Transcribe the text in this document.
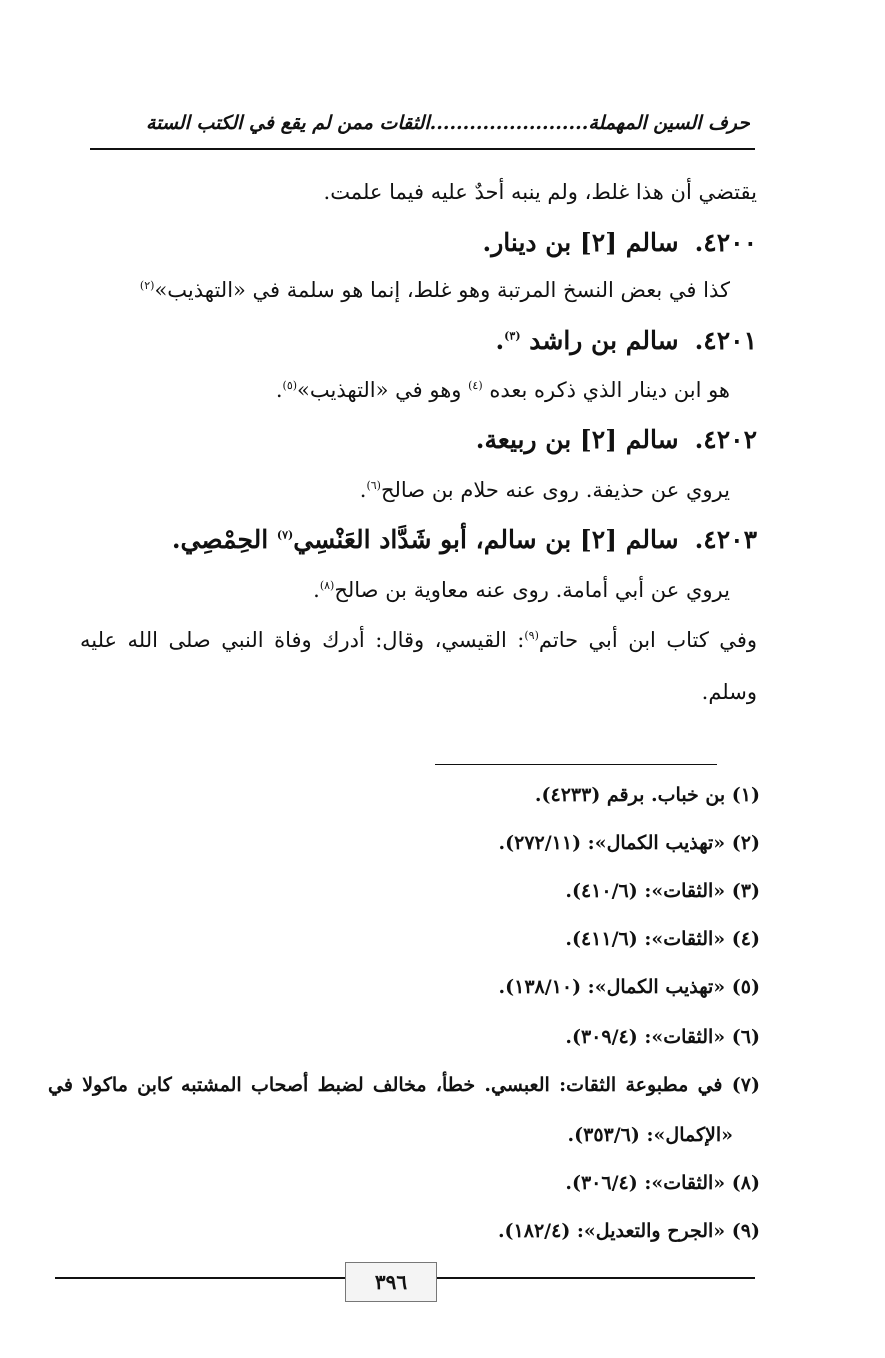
حرف السين المهملة........................الثقات ممن لم يقع في الكتب الستة
يقتضي أن هذا غلط، ولم ينبه أحدٌ عليه فيما علمت.
٤٢٠٠.سالم [٢] بن دينار.
كذا في بعض النسخ المرتبة وهو غلط، إنما هو سلمة في «التهذيب»$^{(٢)}$
٤٢٠١.سالم بن راشد $^{(٣)}$.
هو ابن دينار الذي ذكره بعده $^{(٤)}$ وهو في «التهذيب»$^{(٥)}$.
٤٢٠٢.سالم [٢] بن ربيعة.
يروي عن حذيفة. روى عنه حلام بن صالح$^{(٦)}$.
٤٢٠٣.سالم [٢] بن سالم، أبو شَدَّاد العَنْسِي$^{(٧)}$ الحِمْصِي.
يروي عن أبي أمامة. روى عنه معاوية بن صالح$^{(٨)}$.
وفي كتاب ابن أبي حاتم$^{(٩)}$: القيسي، وقال: أدرك وفاة النبي صلى الله عليه
وسلم.
(١) بن خباب. برقم (٤٢٣٣).
(٢) «تهذيب الكمال»: (٢٧٢/١١).
(٣) «الثقات»: (٤١٠/٦).
(٤) «الثقات»: (٤١١/٦).
(٥) «تهذيب الكمال»: (١٣٨/١٠).
(٦) «الثقات»: (٣٠٩/٤).
(٧) في مطبوعة الثقات: العبسي. خطأ، مخالف لضبط أصحاب المشتبه كابن ماكولا في
«الإكمال»: (٣٥٣/٦).
(٨) «الثقات»: (٣٠٦/٤).
(٩) «الجرح والتعديل»: (١٨٢/٤).
٣٩٦
